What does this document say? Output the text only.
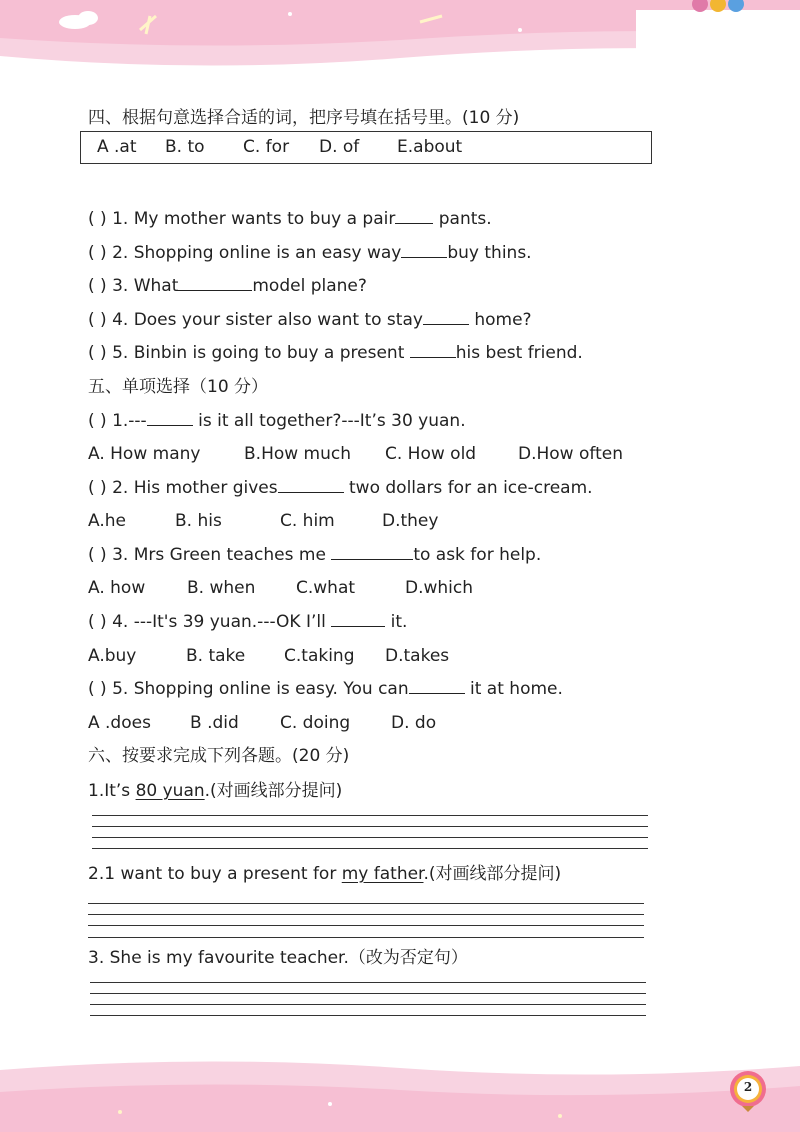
四、根据句意选择合适的词，把序号填在括号里。(10 分)
A .at B. to C. for D. of E.about
( ) 1. My mother wants to buy a pair pants.
( ) 2. Shopping online is an easy way	buy thins.
( ) 3. What	model plane?
( ) 4. Does your sister also want to stay	home?
( ) 5. Binbin is going to buy a present	his best friend.
五、单项选择（10 分）
( ) 1.---	is it all together?---It’s 30 yuan.
A. How many	B.How much C. How old D.How often
( ) 2. His mother gives	two dollars for an ice-cream.
A.he	B. his	C. him	D.they
( ) 3. Mrs Green teaches me	to ask for help.
A. how B. when C.what	D.which
( ) 4. ---It's 39 yuan.---OK I’ll	it.
A.buy	B. take C.taking D.takes
( ) 5. Shopping online is easy. You can	it at home.
A .does B .did C. doing D. do
六、按要求完成下列各题。(20 分)
1.It’s 80 yuan.(对画线部分提问)
2.1 want to buy a present for my father.(对画线部分提问)
3. She is my favourite teacher.（改为否定句）
2
